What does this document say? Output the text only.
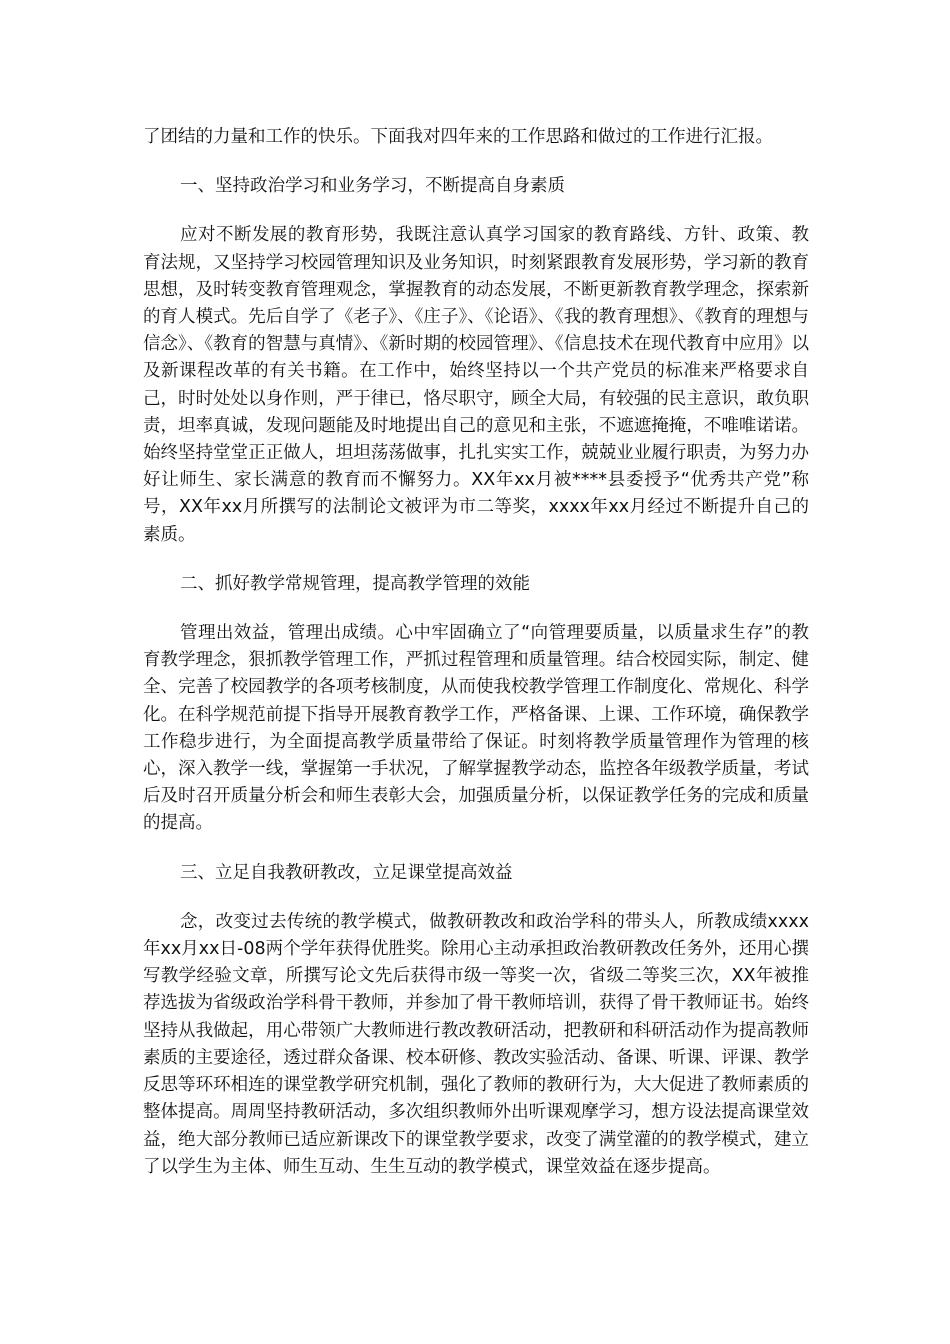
了团结的力量和工作的快乐。下面我对四年来的工作思路和做过的工作进行汇报。

一、坚持政治学习和业务学习，不断提高自身素质

应对不断发展的教育形势，我既注意认真学习国家的教育路线、方针、政策、教育法规，又坚持学习校园管理知识及业务知识，时刻紧跟教育发展形势，学习新的教育思想，及时转变教育管理观念，掌握教育的动态发展，不断更新教育教学理念，探索新的育人模式。先后自学了《老子》、《庄子》、《论语》、《我的教育理想》、《教育的理想与信念》、《教育的智慧与真情》、《新时期的校园管理》、《信息技术在现代教育中应用》以及新课程改革的有关书籍。在工作中，始终坚持以一个共产党员的标准来严格要求自己，时时处处以身作则，严于律已，恪尽职守，顾全大局，有较强的民主意识，敢负职责，坦率真诚，发现问题能及时地提出自己的意见和主张，不遮遮掩掩，不唯唯诺诺。始终坚持堂堂正正做人，坦坦荡荡做事，扎扎实实工作，兢兢业业履行职责，为努力办好让师生、家长满意的教育而不懈努力。XX年xx月被****县委授予“优秀共产党”称号，XX年xx月所撰写的法制论文被评为市二等奖，xxxx年xx月经过不断提升自己的素质。

二、抓好教学常规管理，提高教学管理的效能

管理出效益，管理出成绩。心中牢固确立了“向管理要质量，以质量求生存”的教育教学理念，狠抓教学管理工作，严抓过程管理和质量管理。结合校园实际，制定、健全、完善了校园教学的各项考核制度，从而使我校教学管理工作制度化、常规化、科学化。在科学规范前提下指导开展教育教学工作，严格备课、上课、工作环境，确保教学工作稳步进行，为全面提高教学质量带给了保证。时刻将教学质量管理作为管理的核心，深入教学一线，掌握第一手状况，了解掌握教学动态，监控各年级教学质量，考试后及时召开质量分析会和师生表彰大会，加强质量分析，以保证教学任务的完成和质量的提高。

三、立足自我教研教改，立足课堂提高效益

念，改变过去传统的教学模式，做教研教改和政治学科的带头人，所教成绩xxxx年xx月xx日-08两个学年获得优胜奖。除用心主动承担政治教研教改任务外，还用心撰写教学经验文章，所撰写论文先后获得市级一等奖一次，省级二等奖三次，XX年被推荐选拔为省级政治学科骨干教师，并参加了骨干教师培训，获得了骨干教师证书。始终坚持从我做起，用心带领广大教师进行教改教研活动，把教研和科研活动作为提高教师素质的主要途径，透过群众备课、校本研修、教改实验活动、备课、听课、评课、教学反思等环环相连的课堂教学研究机制，强化了教师的教研行为，大大促进了教师素质的整体提高。周周坚持教研活动，多次组织教师外出听课观摩学习，想方设法提高课堂效益，绝大部分教师已适应新课改下的课堂教学要求，改变了满堂灌的的教学模式，建立了以学生为主体、师生互动、生生互动的教学模式，课堂效益在逐步提高。
